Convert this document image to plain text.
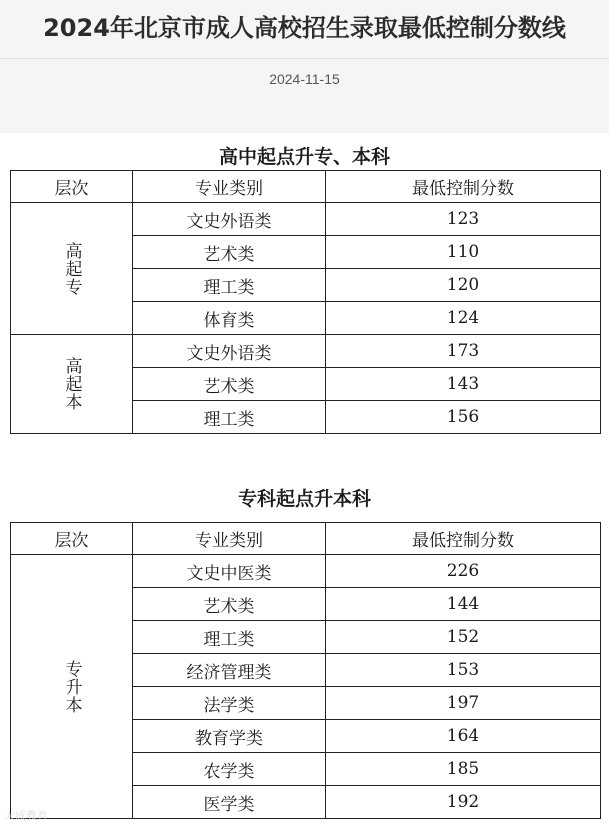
2024年北京市成人高校招生录取最低控制分数线
2024-11-15
高中起点升专、本科
层次	专业类别	最低控制分数

高起专	文史外语类	123
	艺术类	110
	理工类	120
	体育类	124

高起本	文史外语类	173
	艺术类	143
	理工类	156
专科起点升本科
层次	专业类别	最低控制分数

专升本	文史中医类	226
	艺术类	144
	理工类	152
	经济管理类	153
	法学类	197
	教育学类	164
	农学类	185
	医学类	192
大成教育
